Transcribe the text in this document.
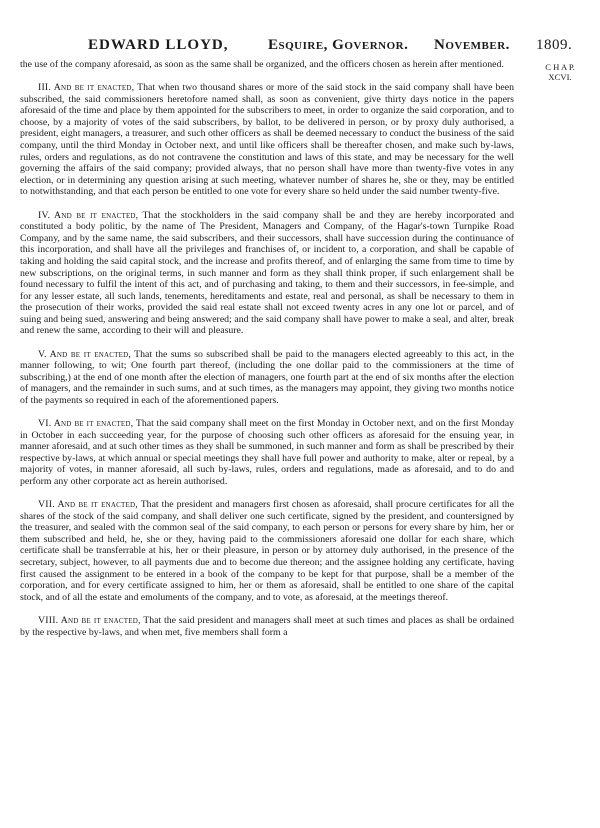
EDWARD LLOYD,	Esquire, Governor. November. 1809.
C H A P.
XCVI.

the use of the company aforesaid, as soon as the same shall be organized, and the officers chosen as herein after mentioned.

III. And be it enacted, That when two thousand shares or more of the said stock in the said company shall have been subscribed, the said commissioners heretofore named shall, as soon as convenient, give thirty days notice in the papers aforesaid of the time and place by them appointed for the subscribers to meet, in order to organize the said corporation, and to choose, by a majority of votes of the said subscribers, by ballot, to be delivered in person, or by proxy duly authorised, a president, eight managers, a treasurer, and such other officers as shall be deemed necessary to conduct the business of the said company, until the third Monday in October next, and until like officers shall be thereafter chosen, and make such by-laws, rules, orders and regulations, as do not contravene the constitution and laws of this state, and may be necessary for the well governing the affairs of the said company; provided always, that no person shall have more than twenty-five votes in any election, or in determining any question arising at such meeting, whatever number of shares he, she or they, may be entitled to notwithstanding, and that each person be entitled to one vote for every share so held under the said number twenty-five.

IV. And be it enacted, That the stockholders in the said company shall be and they are hereby incorporated and constituted a body politic, by the name of The President, Managers and Company, of the Hagar's-town Turnpike Road Company, and by the same name, the said subscribers, and their successors, shall have succession during the continuance of this incorporation, and shall have all the privileges and franchises of, or incident to, a corporation, and shall be capable of taking and holding the said capital stock, and the increase and profits thereof, and of enlarging the same from time to time by new subscriptions, on the original terms, in such manner and form as they shall think proper, if such enlargement shall be found necessary to fulfil the intent of this act, and of purchasing and taking, to them and their successors, in fee-simple, and for any lesser estate, all such lands, tenements, hereditaments and estate, real and personal, as shall be necessary to them in the prosecution of their works, provided the said real estate shall not exceed twenty acres in any one lot or parcel, and of suing and being sued, answering and being answered; and the said company shall have power to make a seal, and alter, break and renew the same, according to their will and pleasure.

V. And be it enacted, That the sums so subscribed shall be paid to the managers elected agreeably to this act, in the manner following, to wit; One fourth part thereof, (including the one dollar paid to the commissioners at the time of subscribing,) at the end of one month after the election of managers, one fourth part at the end of six months after the election of managers, and the remainder in such sums, and at such times, as the managers may appoint, they giving two months notice of the payments so required in each of the aforementioned papers.

VI. And be it enacted, That the said company shall meet on the first Monday in October next, and on the first Monday in October in each succeeding year, for the purpose of choosing such other officers as aforesaid for the ensuing year, in manner aforesaid, and at such other times as they shall be summoned, in such manner and form as shall be prescribed by their respective by-laws, at which annual or special meetings they shall have full power and authority to make, alter or repeal, by a majority of votes, in manner aforesaid, all such by-laws, rules, orders and regulations, made as aforesaid, and to do and perform any other corporate act as herein authorised.

VII. And be it enacted, That the president and managers first chosen as aforesaid, shall procure certificates for all the shares of the stock of the said company, and shall deliver one such certificate, signed by the president, and countersigned by the treasurer, and sealed with the common seal of the said company, to each person or persons for every share by him, her or them subscribed and held, he, she or they, having paid to the commissioners aforesaid one dollar for each share, which certificate shall be transferrable at his, her or their pleasure, in person or by attorney duly authorised, in the presence of the secretary, subject, however, to all payments due and to become due thereon; and the assignee holding any certificate, having first caused the assignment to be entered in a book of the company to be kept for that purpose, shall be a member of the corporation, and for every certificate assigned to him, her or them as aforesaid, shall be entitled to one share of the capital stock, and of all the estate and emoluments of the company, and to vote, as aforesaid, at the meetings thereof.

VIII. And be it enacted, That the said president and managers shall meet at such times and places as shall be ordained by the respective by-laws, and when met, five members shall form a
